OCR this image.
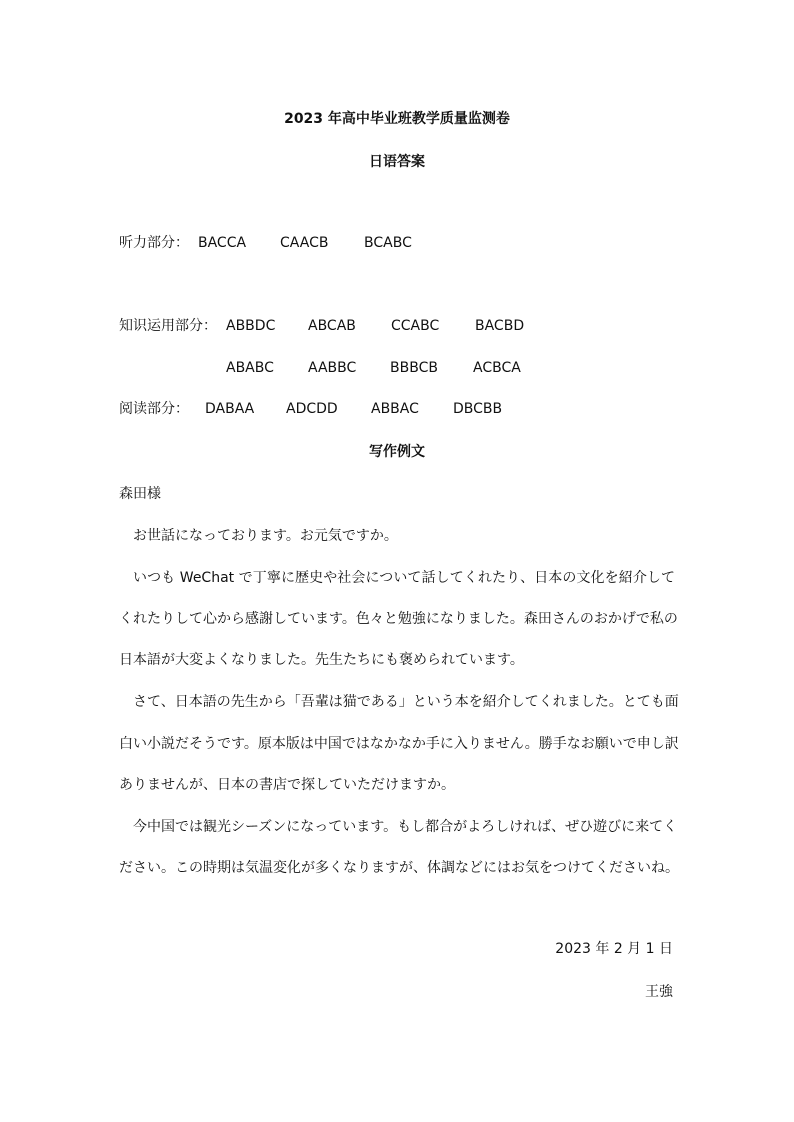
2023 年高中毕业班教学质量监测卷
日语答案
听力部分： BACCA CAACB	BCABC
知识运用部分： ABBDC ABCAB	CCABC	BACBD
ABABC AABBC BBBCB	ACBCA
阅读部分： DABAA ADCDD ABBAC DBCBB
写作例文
森田様
お世話になっております。お元気ですか。
いつも WeChat で丁寧に歴史や社会について話してくれたり、日本の文化を紹介して
くれたりして心から感謝しています。色々と勉強になりました。森田さんのおかげで私の
日本語が大変よくなりました。先生たちにも褒められています。
さて、日本語の先生から「吾輩は猫である」という本を紹介してくれました。とても面
白い小説だそうです。原本版は中国ではなかなか手に入りません。勝手なお願いで申し訳
ありませんが、日本の書店で探していただけますか。
今中国では観光シーズンになっています。もし都合がよろしければ、ぜひ遊びに来てく
ださい。この時期は気温変化が多くなりますが、体調などにはお気をつけてくださいね。
2023 年 2 月 1 日
王強
